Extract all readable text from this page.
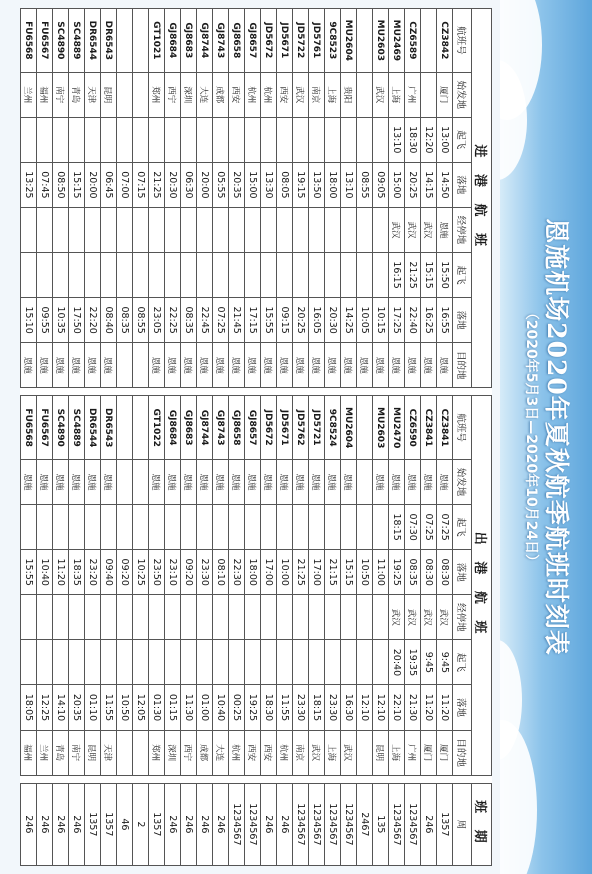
恩施机场2020年夏秋航季航班时刻表
（2020年5月3日—2020年10月24日）
进 港 航 班									出 港 航 班									班 期
航班号	始发地	起飞	落地	经停地	起飞	落地	目的地		航班号	始发地	起飞	落地	经停地	起飞	落地	目的地		周
CZ3842	厦门	13:00	14:50	恩施	15:50	16:55	恩施		CZ3841	恩施	07:25	08:30	武汉	9:45	11:20	厦门		1357
		12:20	14:15	武汉	15:15	16:25	恩施		CZ3841	恩施	07:25	08:30	武汉	9:45	11:20	厦门		246
CZ6589	广州	18:30	20:25	武汉	21:25	22:40	恩施		CZ6590	恩施	07:30	08:35	武汉	19:35	21:30	广州		1234567
MU2469	上海	13:10	15:00	武汉	16:15	17:25	恩施		MU2470	恩施	18:15	19:25	武汉	20:40	22:10	上海		1234567
MU2603	武汉		09:05			10:15	恩施		MU2603	恩施		11:00			12:10	昆明		135
			08:55			10:05	恩施					10:50			12:10			2467
MU2604	贵阳		13:10			14:25	恩施		MU2604	恩施		15:15			16:30	武汉		1234567
9C8523	上海		18:00			20:30	恩施		9C8524	恩施		21:15			23:30	上海		1234567
JD5761	南京		13:50			16:05	恩施		JD5721	恩施		17:00			18:15	武汉		1234567
JD5722	武汉		19:15			20:25	恩施		JD5762	恩施		21:25			23:30	南京		1234567
JD5671	西安		08:05			09:15	恩施		JD5671	恩施		10:00			11:55	杭州		246
JD5672	杭州		13:30			15:55	恩施		JD5672	恩施		17:00			18:30	西安		246
GJ8657	杭州		15:00			17:15	恩施		GJ8657	恩施		18:00			19:25	西安		1234567
GJ8658	西安		20:35			21:45	恩施		GJ8658	恩施		22:30			00:25	杭州		1234567
GJ8743	成都		05:55			07:25	恩施		GJ8743	恩施		08:10			10:40	大连		246
GJ8744	大连		20:00			22:45	恩施		GJ8744	恩施		23:30			01:00	成都		246
GJ8683	深圳		06:30			08:35	恩施		GJ8683	恩施		09:20			11:30	西宁		246
GJ8684	西宁		20:30			22:25	恩施		GJ8684	恩施		23:10			01:15	深圳		246
GT1021	郑州		21:25			23:05	恩施		GT1022	恩施		23:50			01:30	郑州		1357
			07:15			08:55						10:25			12:05			2
			07:00			08:35						09:20			10:50			46
DR6543	昆明		06:45			08:40	恩施		DR6543	恩施		09:40			11:55	天津		1357
DR6544	天津		20:00			22:20	恩施		DR6544	恩施		23:20			01:10	昆明		1357
SC4889	青岛		15:15			17:50	恩施		SC4889	恩施		18:35			20:35	南宁		246
SC4890	南宁		08:50			10:35	恩施		SC4890	恩施		11:20			14:10	青岛		246
FU6567	福州		07:45			09:55	恩施		FU6567	恩施		10:40			12:25	兰州		246
FU6568	兰州		13:25			15:10	恩施		FU6568	恩施		15:55			18:05	福州		246
